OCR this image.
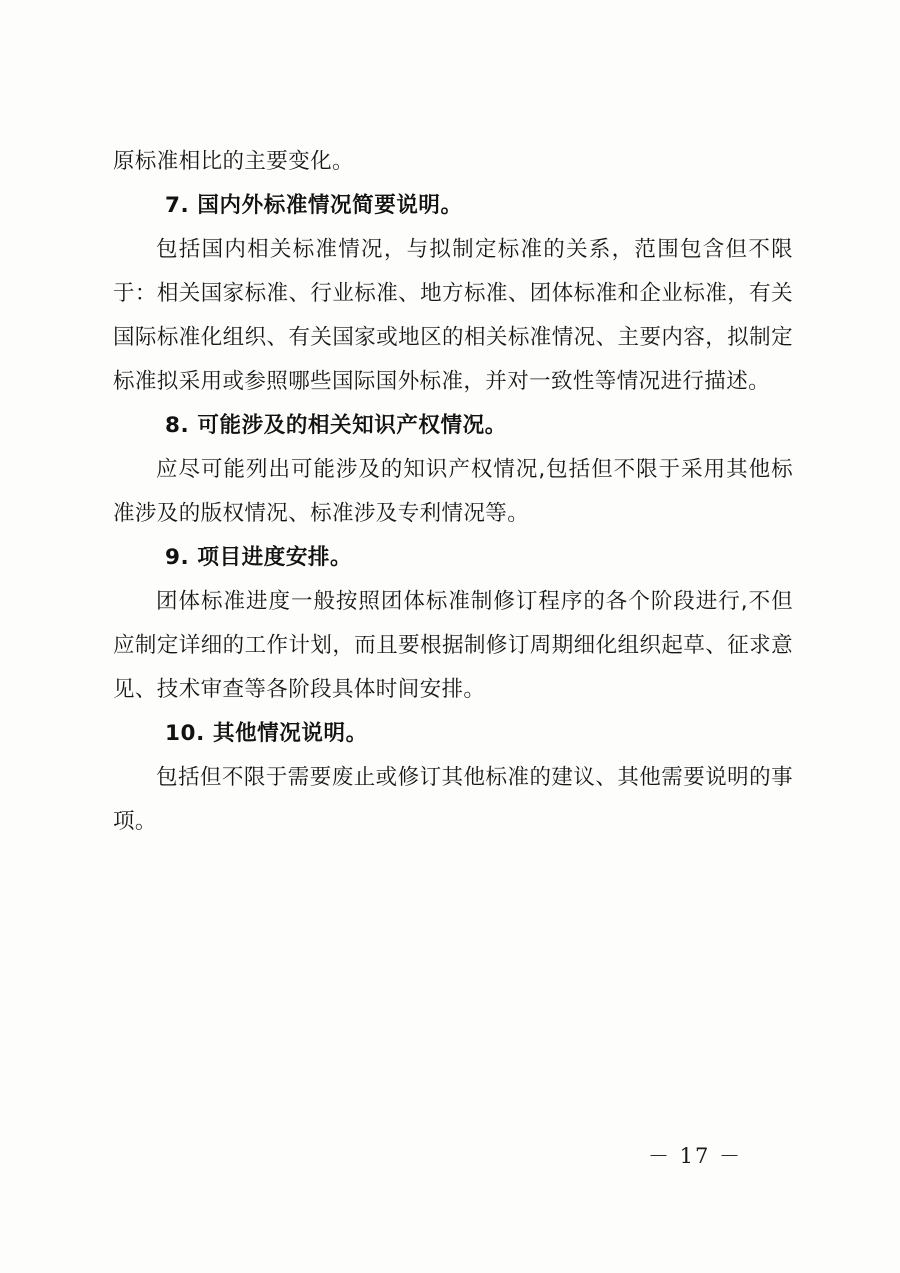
原标准相比的主要变化。

7. 国内外标准情况简要说明。

包括国内相关标准情况，与拟制定标准的关系，范围包含但不限于：相关国家标准、行业标准、地方标准、团体标准和企业标准，有关国际标准化组织、有关国家或地区的相关标准情况、主要内容，拟制定标准拟采用或参照哪些国际国外标准，并对一致性等情况进行描述。

8. 可能涉及的相关知识产权情况。

应尽可能列出可能涉及的知识产权情况,包括但不限于采用其他标准涉及的版权情况、标准涉及专利情况等。

9. 项目进度安排。

团体标准进度一般按照团体标准制修订程序的各个阶段进行,不但应制定详细的工作计划，而且要根据制修订周期细化组织起草、征求意见、技术审查等各阶段具体时间安排。

10. 其他情况说明。

包括但不限于需要废止或修订其他标准的建议、其他需要说明的事项。

－ 17 －
